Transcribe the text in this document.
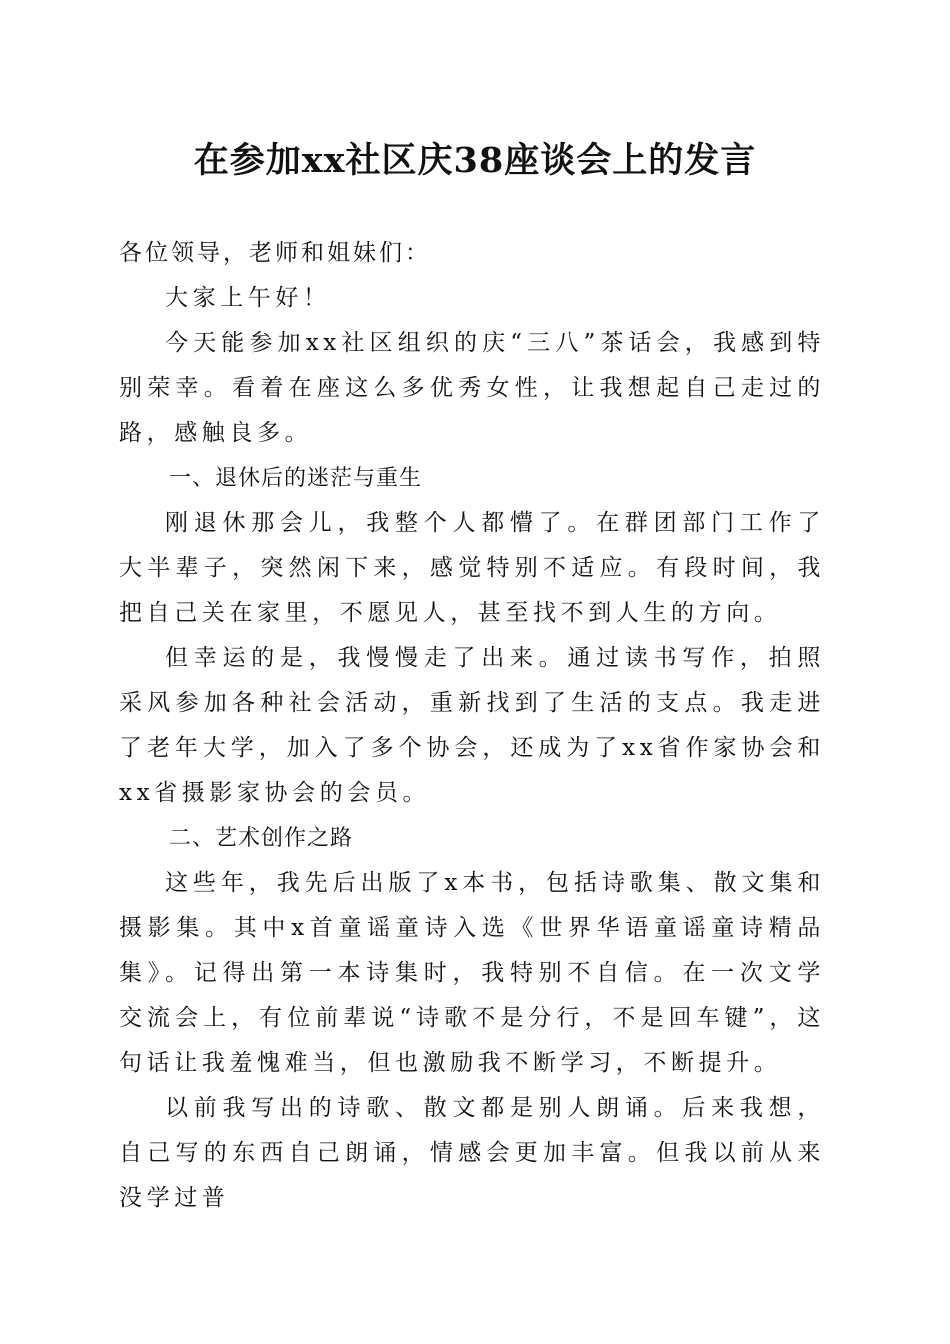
在参加xx社区庆38座谈会上的发言

各位领导，老师和姐妹们：

大家上午好！

今天能参加xx社区组织的庆“三八”茶话会，我感到特别荣幸。看着在座这么多优秀女性，让我想起自己走过的路，感触良多。

一、退休后的迷茫与重生

刚退休那会儿，我整个人都懵了。在群团部门工作了大半辈子，突然闲下来，感觉特别不适应。有段时间，我把自己关在家里，不愿见人，甚至找不到人生的方向。

但幸运的是，我慢慢走了出来。通过读书写作，拍照采风参加各种社会活动，重新找到了生活的支点。我走进了老年大学，加入了多个协会，还成为了xx省作家协会和xx省摄影家协会的会员。

二、艺术创作之路

这些年，我先后出版了x本书，包括诗歌集、散文集和摄影集。其中x首童谣童诗入选《世界华语童谣童诗精品集》。记得出第一本诗集时，我特别不自信。在一次文学交流会上，有位前辈说“诗歌不是分行，不是回车键”，这句话让我羞愧难当，但也激励我不断学习，不断提升。

以前我写出的诗歌、散文都是别人朗诵。后来我想，自己写的东西自己朗诵，情感会更加丰富。但我以前从来没学过普
